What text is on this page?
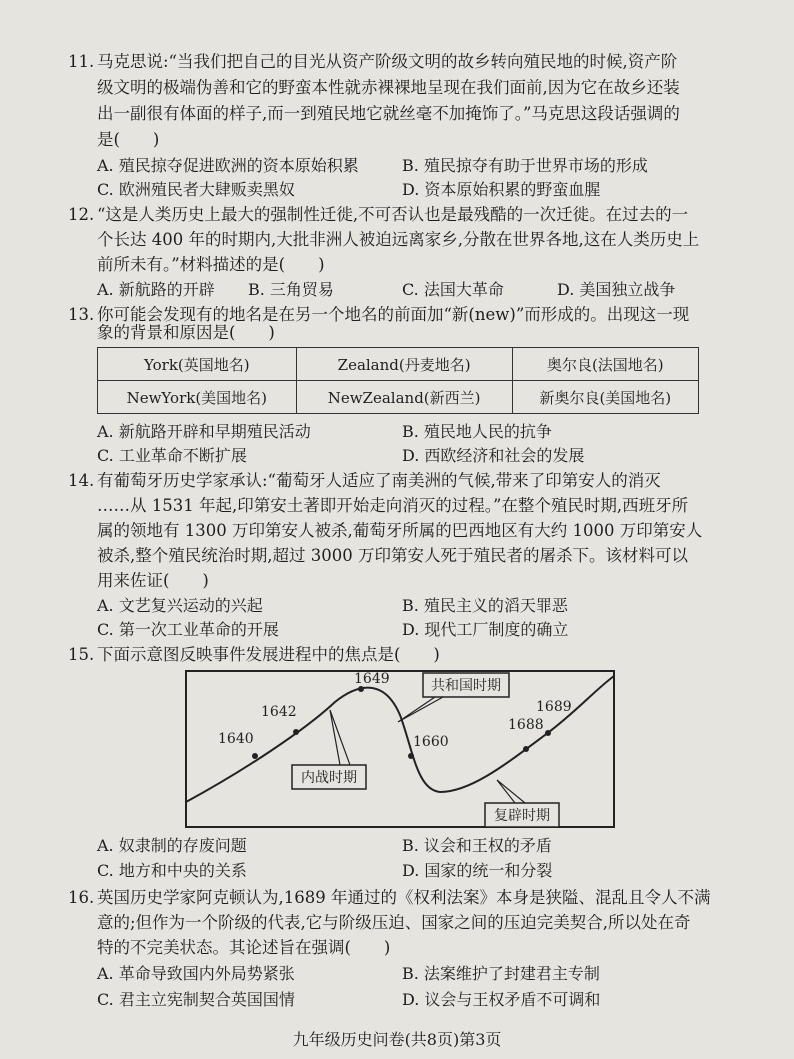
11. 马克思说:“当我们把自己的目光从资产阶级文明的故乡转向殖民地的时候,资产阶
级文明的极端伪善和它的野蛮本性就赤裸裸地呈现在我们面前,因为它在故乡还装
出一副很有体面的样子,而一到殖民地它就丝毫不加掩饰了。”马克思这段话强调的
是(　　)
A. 殖民掠夺促进欧洲的资本原始积累	B. 殖民掠夺有助于世界市场的形成
C. 欧洲殖民者大肆贩卖黑奴	D. 资本原始积累的野蛮血腥
12. “这是人类历史上最大的强制性迁徙,不可否认也是最残酷的一次迁徙。在过去的一
个长达 400 年的时期内,大批非洲人被迫远离家乡,分散在世界各地,这在人类历史上
前所未有。”材料描述的是(　　)
A. 新航路的开辟 B. 三角贸易	C. 法国大革命	D. 美国独立战争
13. 你可能会发现有的地名是在另一个地名的前面加“新(new)”而形成的。出现这一现
象的背景和原因是(　　)
York(英国地名)	Zealand(丹麦地名)	奥尔良(法国地名)
NewYork(美国地名)	NewZealand(新西兰)	新奥尔良(美国地名)
A. 新航路开辟和早期殖民活动	B. 殖民地人民的抗争
C. 工业革命不断扩展	D. 西欧经济和社会的发展
14. 有葡萄牙历史学家承认:“葡萄牙人适应了南美洲的气候,带来了印第安人的消灭
……从 1531 年起,印第安土著即开始走向消灭的过程。”在整个殖民时期,西班牙所
属的领地有 1300 万印第安人被杀,葡萄牙所属的巴西地区有大约 1000 万印第安人
被杀,整个殖民统治时期,超过 3000 万印第安人死于殖民者的屠杀下。该材料可以
用来佐证(　　)
A. 文艺复兴运动的兴起	B. 殖民主义的滔天罪恶
C. 第一次工业革命的开展	D. 现代工厂制度的确立
15. 下面示意图反映事件发展进程中的焦点是(　　)
1640
1642
1649
1660
1688
1689
共和国时期
内战时期
复辟时期
A. 奴隶制的存废问题	B. 议会和王权的矛盾
C. 地方和中央的关系	D. 国家的统一和分裂
16. 英国历史学家阿克顿认为,1689 年通过的《权利法案》本身是狭隘、混乱且令人不满
意的;但作为一个阶级的代表,它与阶级压迫、国家之间的压迫完美契合,所以处在奇
特的不完美状态。其论述旨在强调(　　)
A. 革命导致国内外局势紧张	B. 法案维护了封建君主专制
C. 君主立宪制契合英国国情	D. 议会与王权矛盾不可调和
九年级历史问卷(共8页)第3页
